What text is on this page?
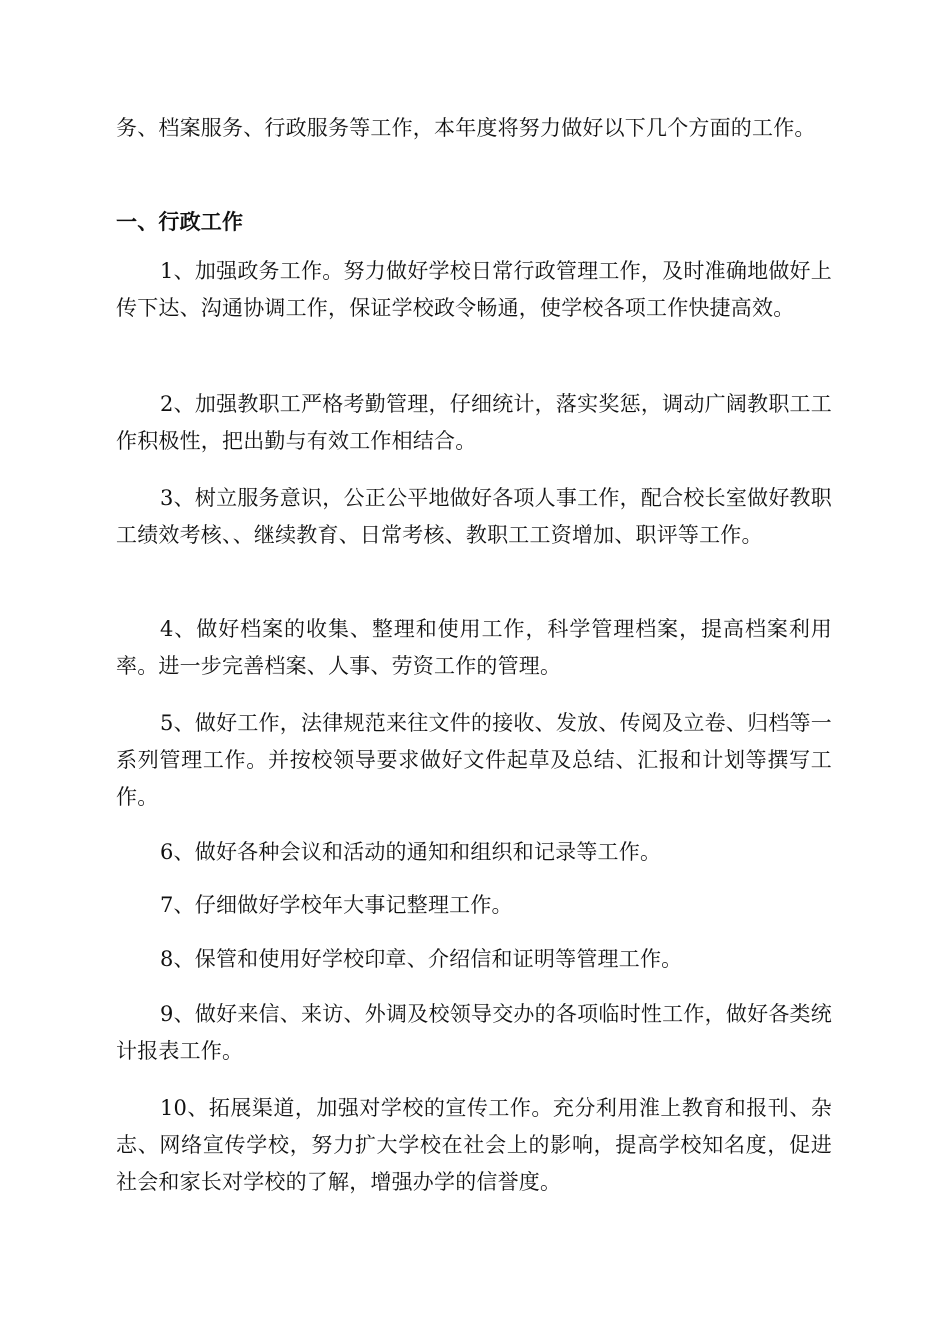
务、档案服务、行政服务等工作，本年度将努力做好以下几个方面的工作。
一、行政工作
1、加强政务工作。努力做好学校日常行政管理工作，及时准确地做好上传下达、沟通协调工作，保证学校政令畅通，使学校各项工作快捷高效。
2、加强教职工严格考勤管理，仔细统计，落实奖惩，调动广阔教职工工作积极性，把出勤与有效工作相结合。
3、树立服务意识，公正公平地做好各项人事工作，配合校长室做好教职工绩效考核、、继续教育、日常考核、教职工工资增加、职评等工作。
4、做好档案的收集、整理和使用工作，科学管理档案，提高档案利用率。进一步完善档案、人事、劳资工作的管理。
5、做好工作，法律规范来往文件的接收、发放、传阅及立卷、归档等一系列管理工作。并按校领导要求做好文件起草及总结、汇报和计划等撰写工作。
6、做好各种会议和活动的通知和组织和记录等工作。
7、仔细做好学校年大事记整理工作。
8、保管和使用好学校印章、介绍信和证明等管理工作。
9、做好来信、来访、外调及校领导交办的各项临时性工作，做好各类统计报表工作。
10、拓展渠道，加强对学校的宣传工作。充分利用淮上教育和报刊、杂志、网络宣传学校，努力扩大学校在社会上的影响，提高学校知名度，促进社会和家长对学校的了解，增强办学的信誉度。
